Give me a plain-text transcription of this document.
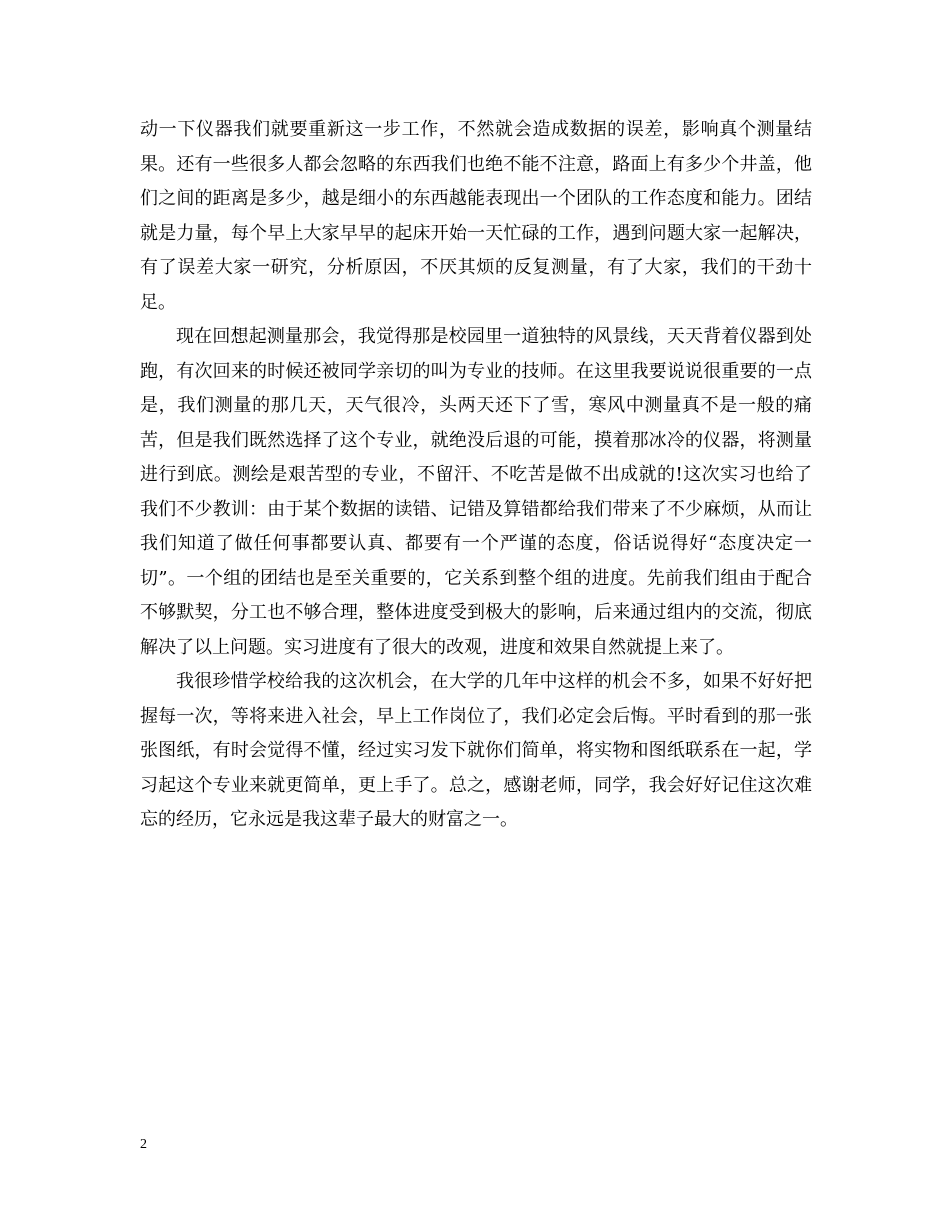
动一下仪器我们就要重新这一步工作，不然就会造成数据的误差，影响真个测量结果。还有一些很多人都会忽略的东西我们也绝不能不注意，路面上有多少个井盖，他们之间的距离是多少，越是细小的东西越能表现出一个团队的工作态度和能力。团结就是力量，每个早上大家早早的起床开始一天忙碌的工作，遇到问题大家一起解决，有了误差大家一研究，分析原因，不厌其烦的反复测量，有了大家，我们的干劲十足。

现在回想起测量那会，我觉得那是校园里一道独特的风景线，天天背着仪器到处跑，有次回来的时候还被同学亲切的叫为专业的技师。在这里我要说说很重要的一点是，我们测量的那几天，天气很冷，头两天还下了雪，寒风中测量真不是一般的痛苦，但是我们既然选择了这个专业，就绝没后退的可能，摸着那冰冷的仪器，将测量进行到底。测绘是艰苦型的专业，不留汗、不吃苦是做不出成就的!这次实习也给了我们不少教训：由于某个数据的读错、记错及算错都给我们带来了不少麻烦，从而让我们知道了做任何事都要认真、都要有一个严谨的态度，俗话说得好“态度决定一切”。一个组的团结也是至关重要的，它关系到整个组的进度。先前我们组由于配合不够默契，分工也不够合理，整体进度受到极大的影响，后来通过组内的交流，彻底解决了以上问题。实习进度有了很大的改观，进度和效果自然就提上来了。

我很珍惜学校给我的这次机会，在大学的几年中这样的机会不多，如果不好好把握每一次，等将来进入社会，早上工作岗位了，我们必定会后悔。平时看到的那一张张图纸，有时会觉得不懂，经过实习发下就你们简单，将实物和图纸联系在一起，学习起这个专业来就更简单，更上手了。总之，感谢老师，同学，我会好好记住这次难忘的经历，它永远是我这辈子最大的财富之一。

2
